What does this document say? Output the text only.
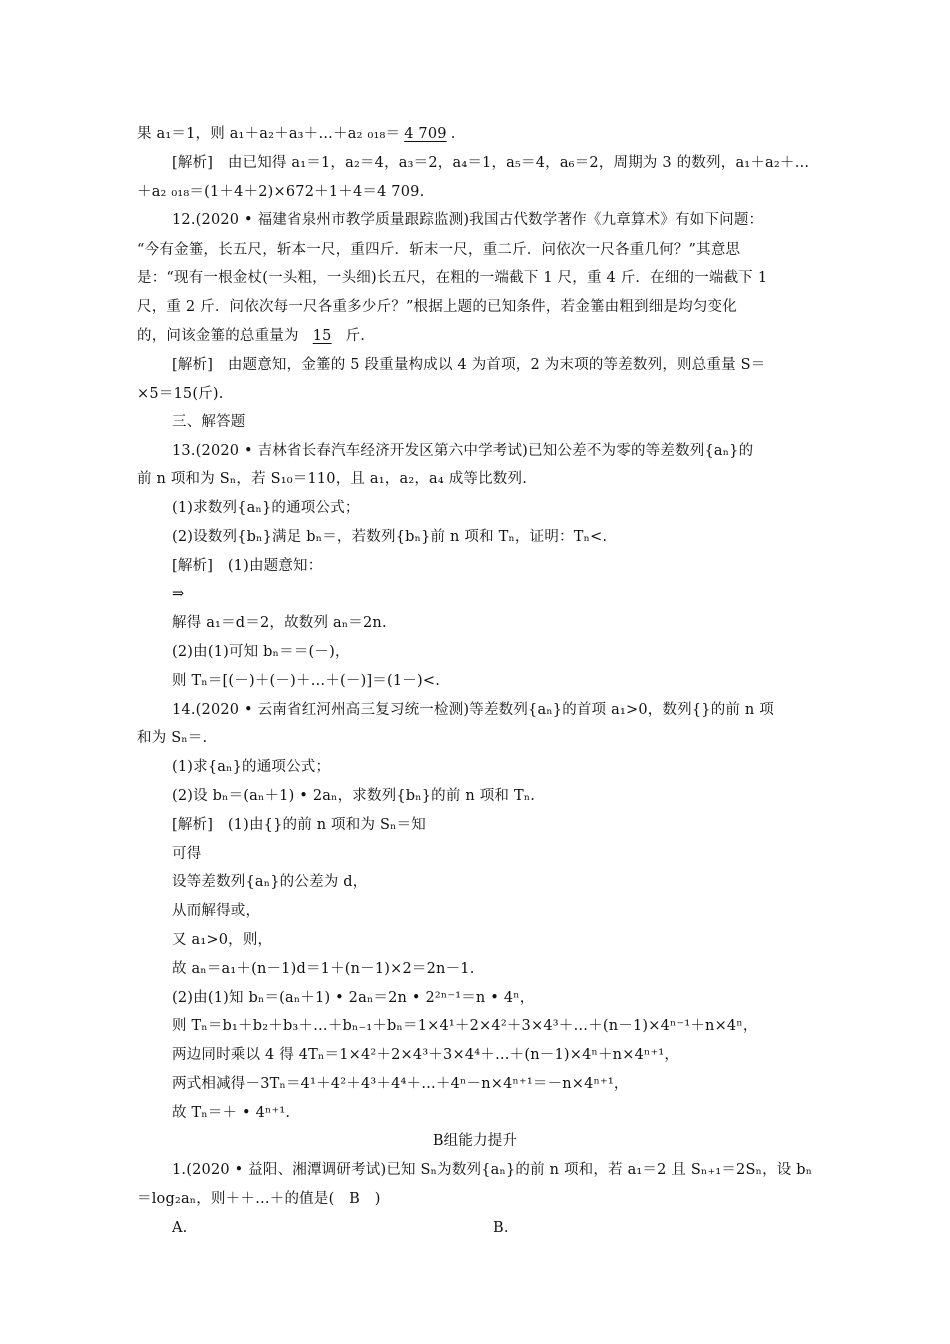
果 a₁＝1，则 a₁＋a₂＋a₃＋…＋a₂ ₀₁₈＝ 4 709 .
[解析]　由已知得 a₁＝1，a₂＝4，a₃＝2，a₄＝1，a₅＝4，a₆＝2，周期为 3 的数列，a₁＋a₂＋…
＋a₂ ₀₁₈＝(1＋4＋2)×672＋1＋4＝4 709.
12.(2020 • 福建省泉州市教学质量跟踪监测)我国古代数学著作《九章算术》有如下问题：
“今有金箠，长五尺，斩本一尺，重四斤．斩末一尺，重二斤．问依次一尺各重几何？”其意思
是：“现有一根金杖(一头粗，一头细)长五尺，在粗的一端截下 1 尺，重 4 斤．在细的一端截下 1
尺，重 2 斤．问依次每一尺各重多少斤？”根据上题的已知条件，若金箠由粗到细是均匀变化
的，问该金箠的总重量为 15 斤.
[解析]　由题意知，金箠的 5 段重量构成以 4 为首项，2 为末项的等差数列，则总重量 S＝
×5＝15(斤).
三、解答题
13.(2020 • 吉林省长春汽车经济开发区第六中学考试)已知公差不为零的等差数列{aₙ}的
前 n 项和为 Sₙ，若 S₁₀＝110，且 a₁，a₂，a₄ 成等比数列.
(1)求数列{aₙ}的通项公式；
(2)设数列{bₙ}满足 bₙ＝，若数列{bₙ}前 n 项和 Tₙ，证明：Tₙ<.
[解析]　(1)由题意知：
⇒
解得 a₁＝d＝2，故数列 aₙ＝2n.
(2)由(1)可知 bₙ＝＝(－)，
则 Tₙ＝[(－)＋(－)＋…＋(－)]＝(1－)<.
14.(2020 • 云南省红河州高三复习统一检测)等差数列{aₙ}的首项 a₁>0，数列{}的前 n 项
和为 Sₙ＝.
(1)求{aₙ}的通项公式；
(2)设 bₙ＝(aₙ＋1) • 2aₙ，求数列{bₙ}的前 n 项和 Tₙ.
[解析]　(1)由{}的前 n 项和为 Sₙ＝知
可得
设等差数列{aₙ}的公差为 d，
从而解得或，
又 a₁>0，则，
故 aₙ＝a₁＋(n－1)d＝1＋(n－1)×2＝2n－1.
(2)由(1)知 bₙ＝(aₙ＋1) • 2aₙ＝2n • 2²ⁿ⁻¹＝n • 4ⁿ，
则 Tₙ＝b₁＋b₂＋b₃＋…＋bₙ₋₁＋bₙ＝1×4¹＋2×4²＋3×4³＋…＋(n－1)×4ⁿ⁻¹＋n×4ⁿ，
两边同时乘以 4 得 4Tₙ＝1×4²＋2×4³＋3×4⁴＋…＋(n－1)×4ⁿ＋n×4ⁿ⁺¹，
两式相减得－3Tₙ＝4¹＋4²＋4³＋4⁴＋…＋4ⁿ－n×4ⁿ⁺¹＝－n×4ⁿ⁺¹，
故 Tₙ＝＋ • 4ⁿ⁺¹.
B组能力提升
1.(2020 • 益阳、湘潭调研考试)已知 Sₙ为数列{aₙ}的前 n 项和，若 a₁＝2 且 Sₙ₊₁＝2Sₙ，设 bₙ
＝log₂aₙ，则＋＋…＋的值是(　B　)
A.	B.
